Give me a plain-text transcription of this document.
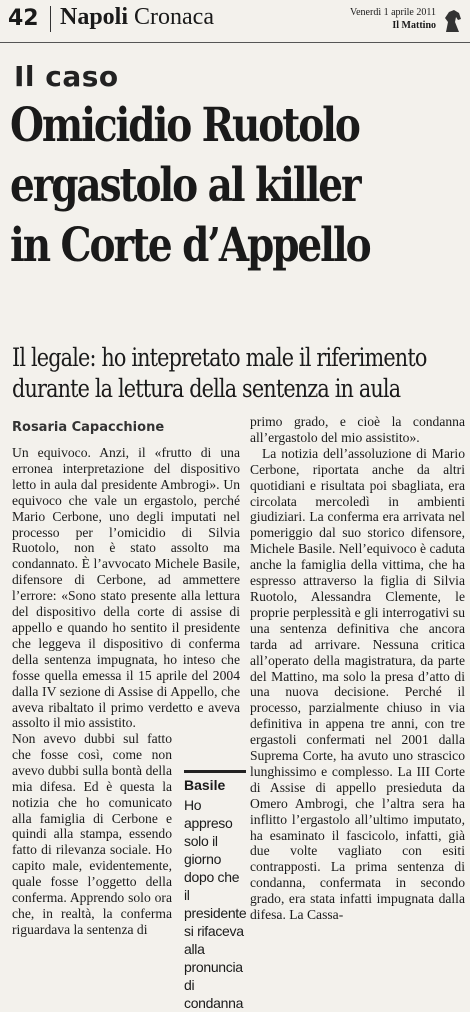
42 Napoli Cronaca	Venerdì 1 aprile 2011
Il Mattino
Il caso
Omicidio Ruotolo
ergastolo al killer
in Corte d’Appello
Il legale: ho intepretato male il riferimento
durante la lettura della sentenza in aula
Rosaria Capacchione

Un equivoco. Anzi, il «frutto di una erronea interpretazione del dispositivo letto in aula dal presidente Ambrogi». Un equivoco che vale un ergastolo, perché Mario Cerbone, uno degli imputati nel processo per l’omicidio di Silvia Ruotolo, non è stato assolto ma condannato. È l’avvocato Michele Basile, difensore di Cerbone, ad ammettere l’errore: «Sono stato presente alla lettura del dispositivo della corte di assise di appello e quando ho sentito il presidente che leggeva il dispositivo di conferma della sentenza impugnata, ho inteso che fosse quella emessa il 15 aprile del 2004 dalla IV sezione di Assise di Appello, che aveva ribaltato il primo verdetto e aveva assolto il mio assistito.

Non avevo dubbi sul fatto che fosse così, come non avevo dubbi sulla bontà della mia difesa. Ed è questa la notizia che ho comunicato alla famiglia di Cerbone e quindi alla stampa, essendo fatto di rilevanza sociale. Ho capito male, evidentemente, quale fosse l’oggetto della conferma. Apprendo solo ora che, in realtà, la conferma riguardava la sentenza di

Basile
Ho appreso solo il giorno dopo che il presidente si rifaceva alla pronuncia di condanna

primo grado, e cioè la condanna all’ergastolo del mio assistito».

La notizia dell’assoluzione di Mario Cerbone, riportata anche da altri quotidiani e risultata poi sbagliata, era circolata mercoledì in ambienti giudiziari. La conferma era arrivata nel pomeriggio dal suo storico difensore, Michele Basile. Nell’equivoco è caduta anche la famiglia della vittima, che ha espresso attraverso la figlia di Silvia Ruotolo, Alessandra Clemente, le proprie perplessità e gli interrogativi su una sentenza definitiva che ancora tarda ad arrivare. Nessuna critica all’operato della magistratura, da parte del Mattino, ma solo la presa d’atto di una nuova decisione. Perché il processo, parzialmente chiuso in via definitiva in appena tre anni, con tre ergastoli confermati nel 2001 dalla Suprema Corte, ha avuto uno strascico lunghissimo e complesso. La III Corte di Assise di appello presieduta da Omero Ambrogi, che l’altra sera ha inflitto l’ergastolo all’ultimo imputato, ha esaminato il fascicolo, infatti, già due volte vagliato con esiti contrapposti. La prima sentenza di condanna, confermata in secondo grado, era stata infatti impugnata dalla difesa. La Cassa-
